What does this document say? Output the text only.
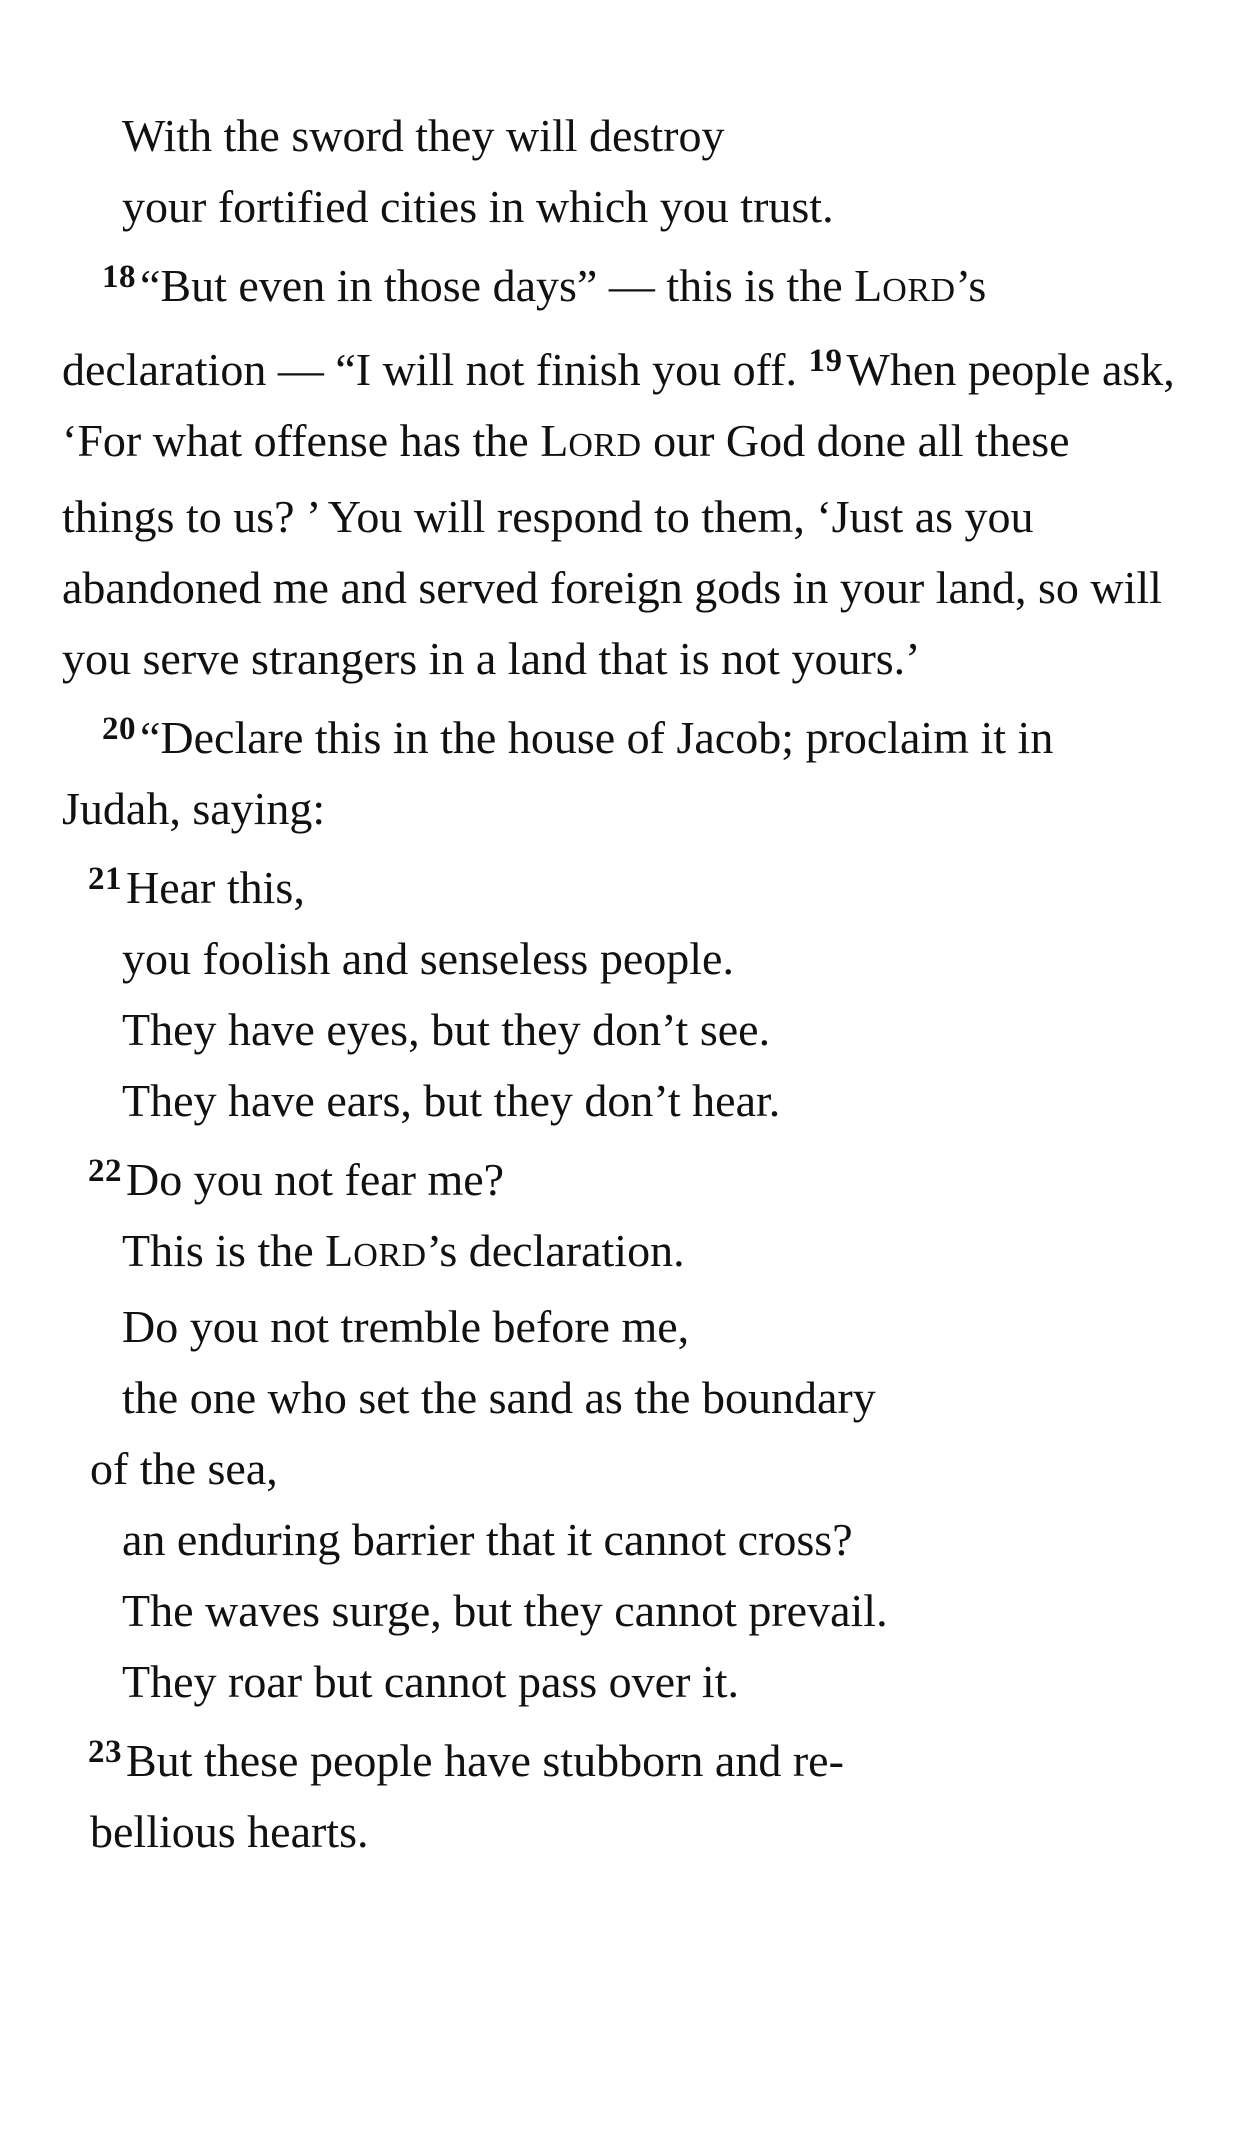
With the sword they will destroy
your fortified cities in which you trust.

$^{18}$“But even in those days” — this is the LORD’s declaration — “I will not finish you off. $^{19}$When people ask, ‘For what offense has the LORD our God done all these things to us? ’ You will respond to them, ‘Just as you abandoned me and served foreign gods in your land, so will you serve strangers in a land that is not yours.’

$^{20}$“Declare this in the house of Jacob; proclaim it in Judah, saying:

$^{21}$Hear this,
you foolish and senseless people.
They have eyes, but they don’t see.
They have ears, but they don’t hear.
$^{22}$Do you not fear me?
This is the LORD’s declaration.
Do you not tremble before me,
the one who set the sand as the boundary
of the sea,
an enduring barrier that it cannot cross?
The waves surge, but they cannot prevail.
They roar but cannot pass over it.
$^{23}$But these people have stubborn and re-
bellious hearts.
